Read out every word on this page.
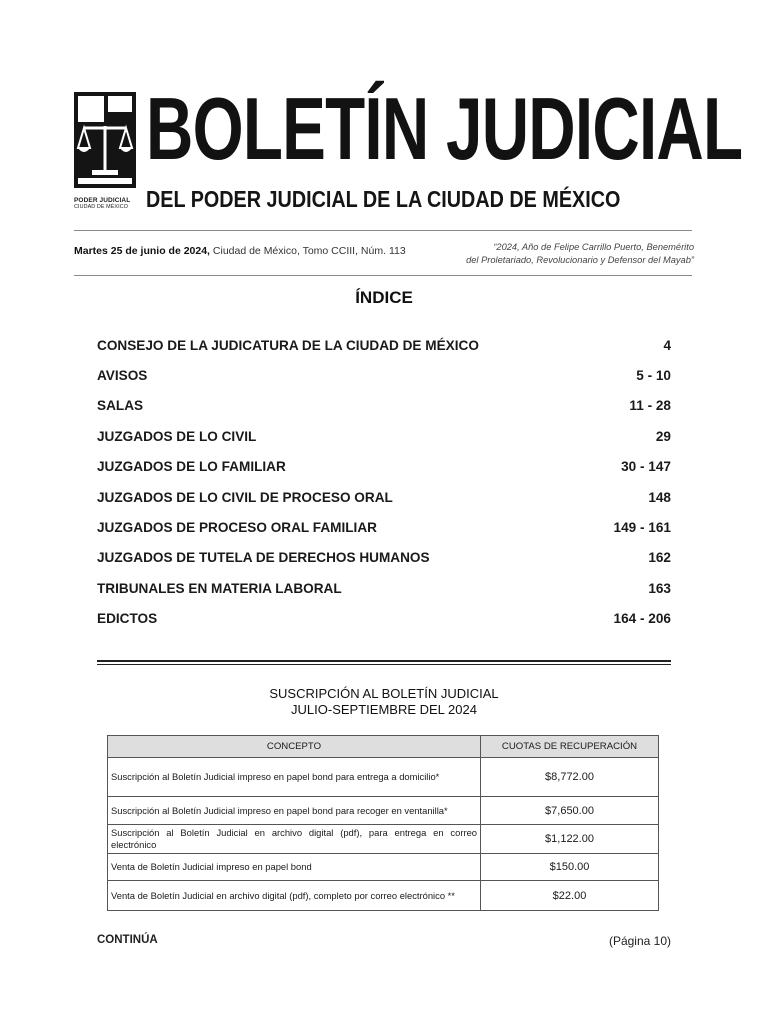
PODER JUDICIAL
CIUDAD DE MÉXICO
BOLETÍN JUDICIAL
DEL PODER JUDICIAL DE LA CIUDAD DE MÉXICO
Martes 25 de junio de 2024, Ciudad de México, Tomo CCIII, Núm. 113	“2024, Año de Felipe Carrillo Puerto, Benemérito
del Proletariado, Revolucionario y Defensor del Mayab”
ÍNDICE
CONSEJO DE LA JUDICATURA DE LA CIUDAD DE MÉXICO	4
AVISOS	5 - 10
SALAS	11 - 28
JUZGADOS DE LO CIVIL	29
JUZGADOS DE LO FAMILIAR	30 - 147
JUZGADOS DE LO CIVIL DE PROCESO ORAL	148
JUZGADOS DE PROCESO ORAL FAMILIAR	149 - 161
JUZGADOS DE TUTELA DE DERECHOS HUMANOS	162
TRIBUNALES EN MATERIA LABORAL	163
EDICTOS	164 - 206
SUSCRIPCIÓN AL BOLETÍN JUDICIAL
JULIO-SEPTIEMBRE DEL 2024
CONCEPTO	CUOTAS DE RECUPERACIÓN
Suscripción al Boletín Judicial impreso en papel bond para entrega a domicilio*	$8,772.00
Suscripción al Boletín Judicial impreso en papel bond para recoger en ventanilla*	$7,650.00
Suscripción al Boletín Judicial en archivo digital (pdf), para entrega en correo electrónico	$1,122.00
Venta de Boletín Judicial impreso en papel bond	$150.00
Venta de Boletín Judicial en archivo digital (pdf), completo por correo electrónico **	$22.00
CONTINÚA	(Página 10)
